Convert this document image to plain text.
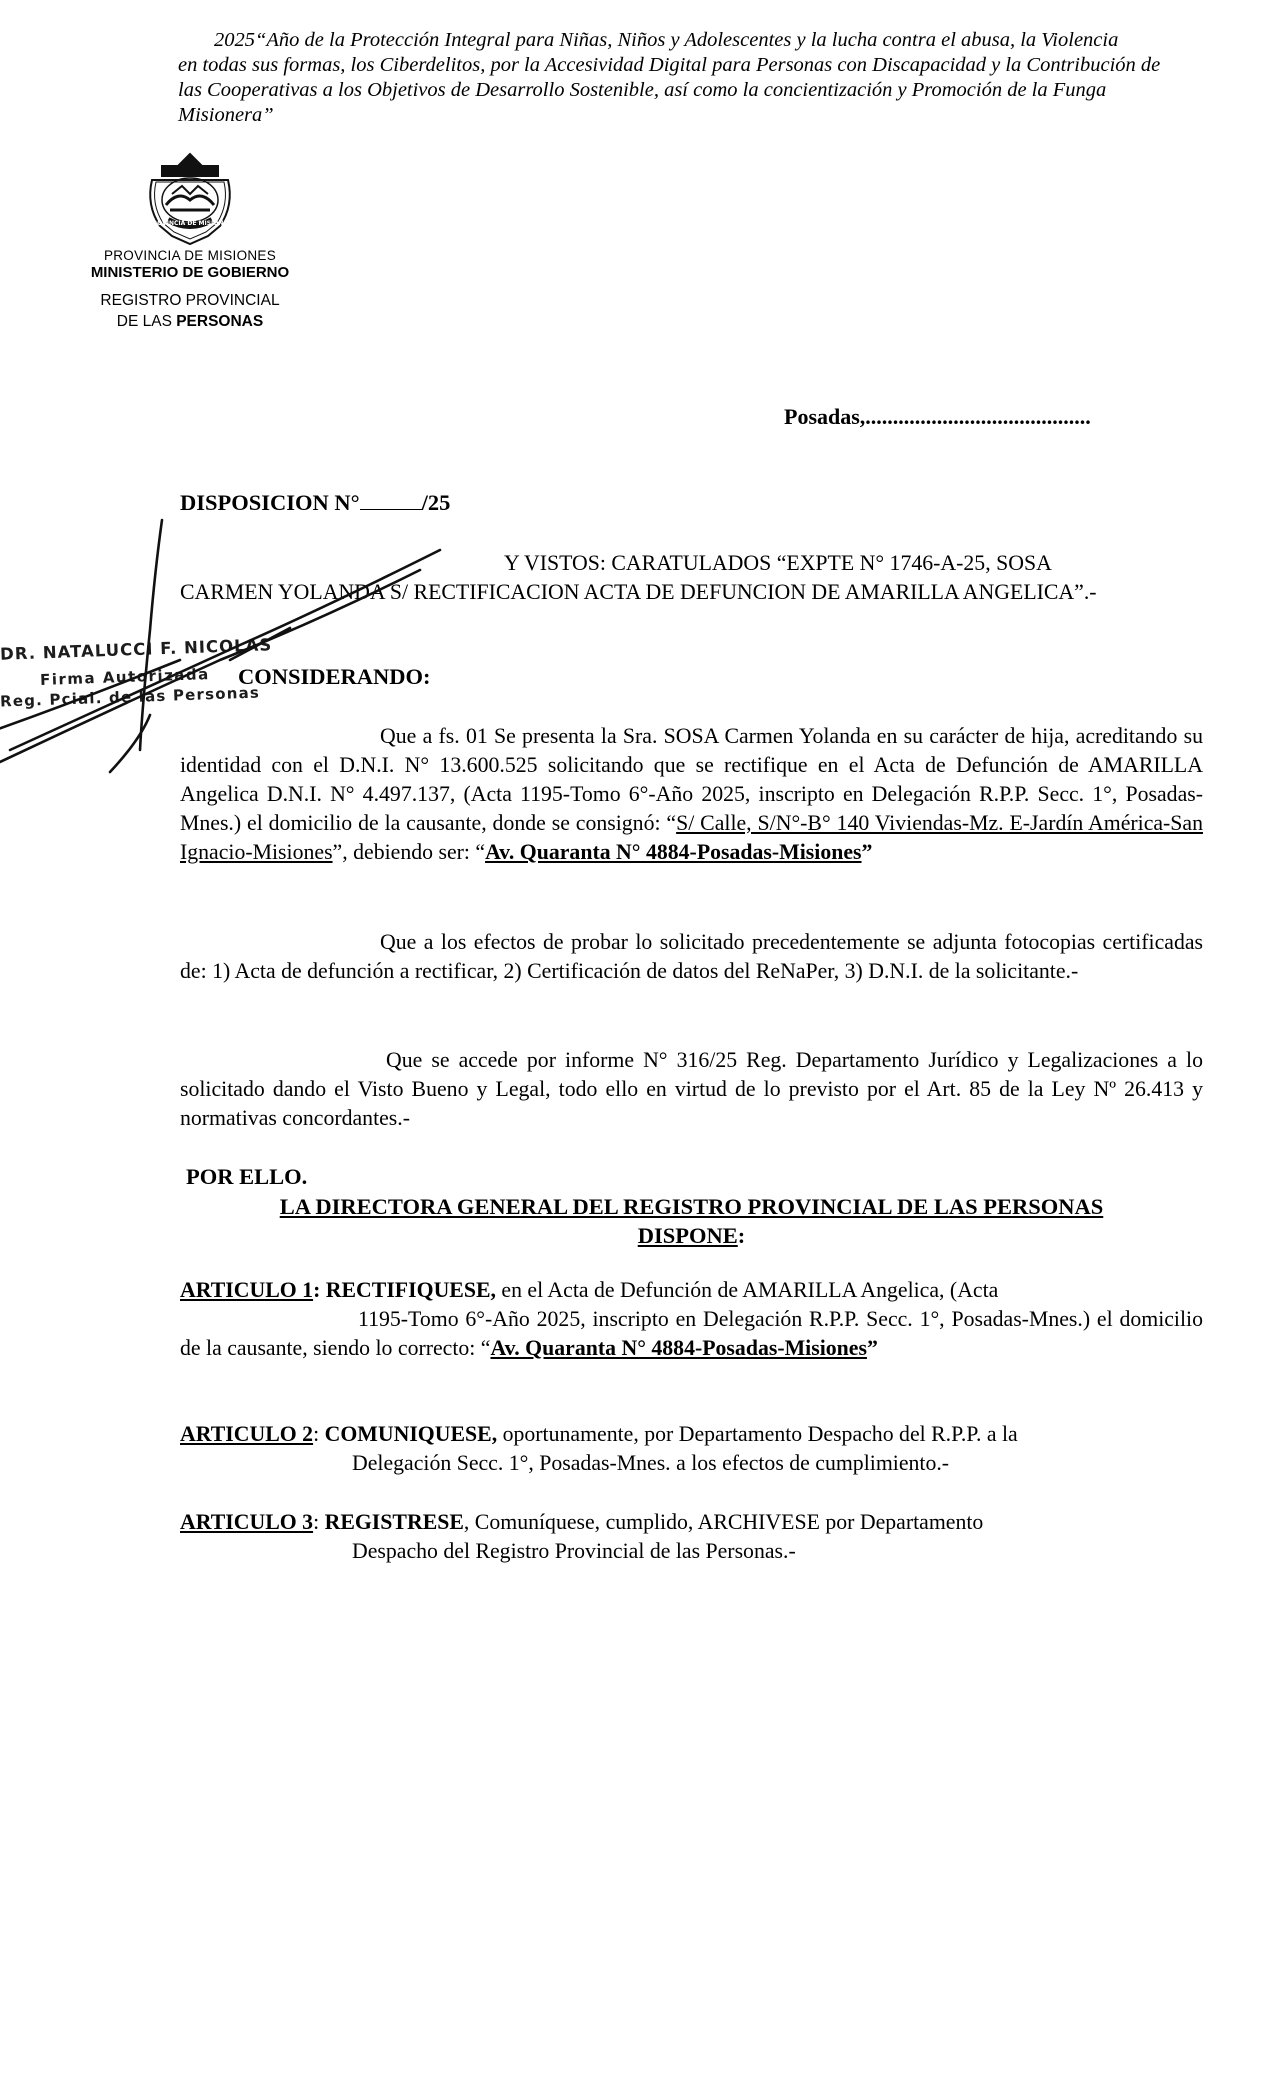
2025“Año de la Protección Integral para Niñas, Niños y Adolescentes y la lucha contra el abusa, la Violencia
en todas sus formas, los Ciberdelitos, por la Accesividad Digital para Personas con Discapacidad y la Contribución de las Cooperativas a los Objetivos de Desarrollo Sostenible, así como la concientización y Promoción de la Funga Misionera”
PROVINCIA DE MISIONES
PROVINCIA DE MISIONES
MINISTERIO DE GOBIERNO
REGISTRO PROVINCIAL
DE LAS PERSONAS
Posadas,.........................................
DISPOSICION N°	/25
Y VISTOS: CARATULADOS “EXPTE N° 1746-A-25, SOSA
CARMEN YOLANDA S/ RECTIFICACION ACTA DE DEFUNCION DE AMARILLA ANGELICA”.-
CONSIDERANDO:
Que a fs. 01 Se presenta la Sra. SOSA Carmen Yolanda en su carácter de hija, acreditando su identidad con el D.N.I. N° 13.600.525 solicitando que se rectifique en el Acta de Defunción de AMARILLA Angelica D.N.I. N° 4.497.137, (Acta 1195-Tomo 6°-Año 2025, inscripto en Delegación R.P.P. Secc. 1°, Posadas-Mnes.) el domicilio de la causante, donde se consignó: “S/ Calle, S/N°-B° 140 Viviendas-Mz. E-Jardín América-San Ignacio-Misiones”, debiendo ser: “Av. Quaranta N° 4884-Posadas-Misiones”
Que a los efectos de probar lo solicitado precedentemente se adjunta fotocopias certificadas de: 1) Acta de defunción a rectificar, 2) Certificación de datos del ReNaPer, 3) D.N.I. de la solicitante.-
Que se accede por informe N° 316/25 Reg. Departamento Jurídico y Legalizaciones a lo solicitado dando el Visto Bueno y Legal, todo ello en virtud de lo previsto por el Art. 85 de la Ley Nº 26.413 y normativas concordantes.-
POR ELLO.
LA DIRECTORA GENERAL DEL REGISTRO PROVINCIAL DE LAS PERSONAS
DISPONE:
ARTICULO 1: RECTIFIQUESE, en el Acta de Defunción de AMARILLA Angelica, (Acta
1195-Tomo 6°-Año 2025, inscripto en Delegación R.P.P. Secc. 1°, Posadas-Mnes.) el domicilio de la causante, siendo lo correcto: “Av. Quaranta N° 4884-Posadas-Misiones”
ARTICULO 2: COMUNIQUESE, oportunamente, por Departamento Despacho del R.P.P. a la
Delegación Secc. 1°, Posadas-Mnes. a los efectos de cumplimiento.-
ARTICULO 3: REGISTRESE, Comuníquese, cumplido, ARCHIVESE por Departamento
Despacho del Registro Provincial de las Personas.-
DR. NATALUCCI F. NICOLAS
Firma Autorizada
Reg. Pcial. de las Personas
